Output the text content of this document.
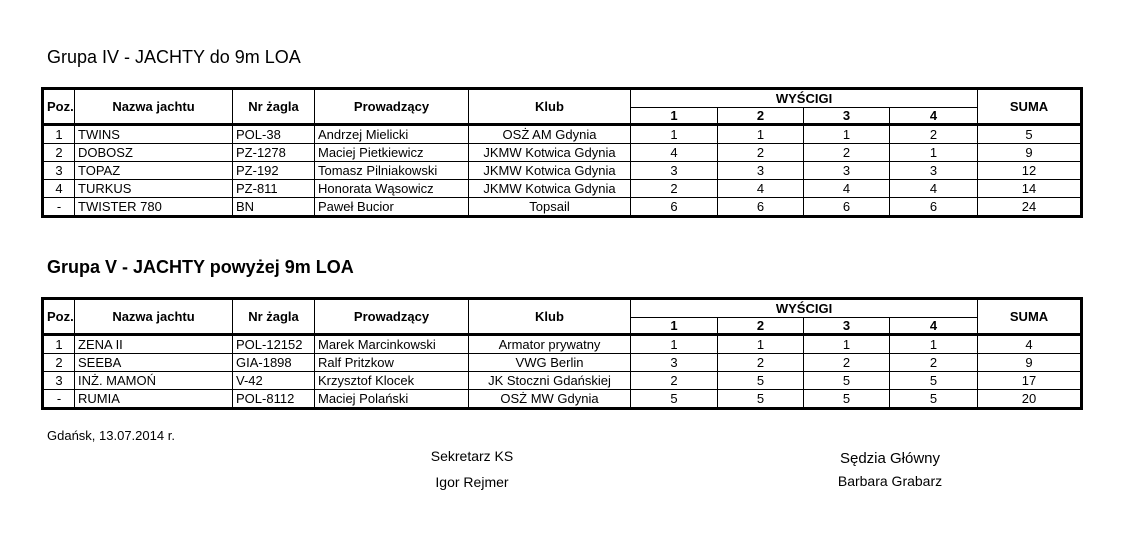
Grupa IV - JACHTY do 9m LOA
Poz.	Nazwa jachtu	Nr żagla	Prowadzący	Klub	WYŚCIGI				SUMA
					1	2	3	4	
1	TWINS	POL-38	Andrzej Mielicki	OSŻ AM Gdynia	1	1	1	2	5
2	DOBOSZ	PZ-1278	Maciej Pietkiewicz	JKMW Kotwica Gdynia	4	2	2	1	9
3	TOPAZ	PZ-192	Tomasz Pilniakowski	JKMW Kotwica Gdynia	3	3	3	3	12
4	TURKUS	PZ-811	Honorata Wąsowicz	JKMW Kotwica Gdynia	2	4	4	4	14
-	TWISTER 780	BN	Paweł Bucior	Topsail	6	6	6	6	24
Grupa V - JACHTY powyżej 9m LOA
Poz.	Nazwa jachtu	Nr żagla	Prowadzący	Klub	WYŚCIGI				SUMA
					1	2	3	4	
1	ZENA II	POL-12152	Marek Marcinkowski	Armator prywatny	1	1	1	1	4
2	SEEBA	GIA-1898	Ralf Pritzkow	VWG Berlin	3	2	2	2	9
3	INŻ. MAMOŃ	V-42	Krzysztof Klocek	JK Stoczni Gdańskiej	2	5	5	5	17
-	RUMIA	POL-8112	Maciej Polański	OSŻ MW Gdynia	5	5	5	5	20
Gdańsk, 13.07.2014 r.
Sekretarz KS
Igor Rejmer
Sędzia Główny
Barbara Grabarz
